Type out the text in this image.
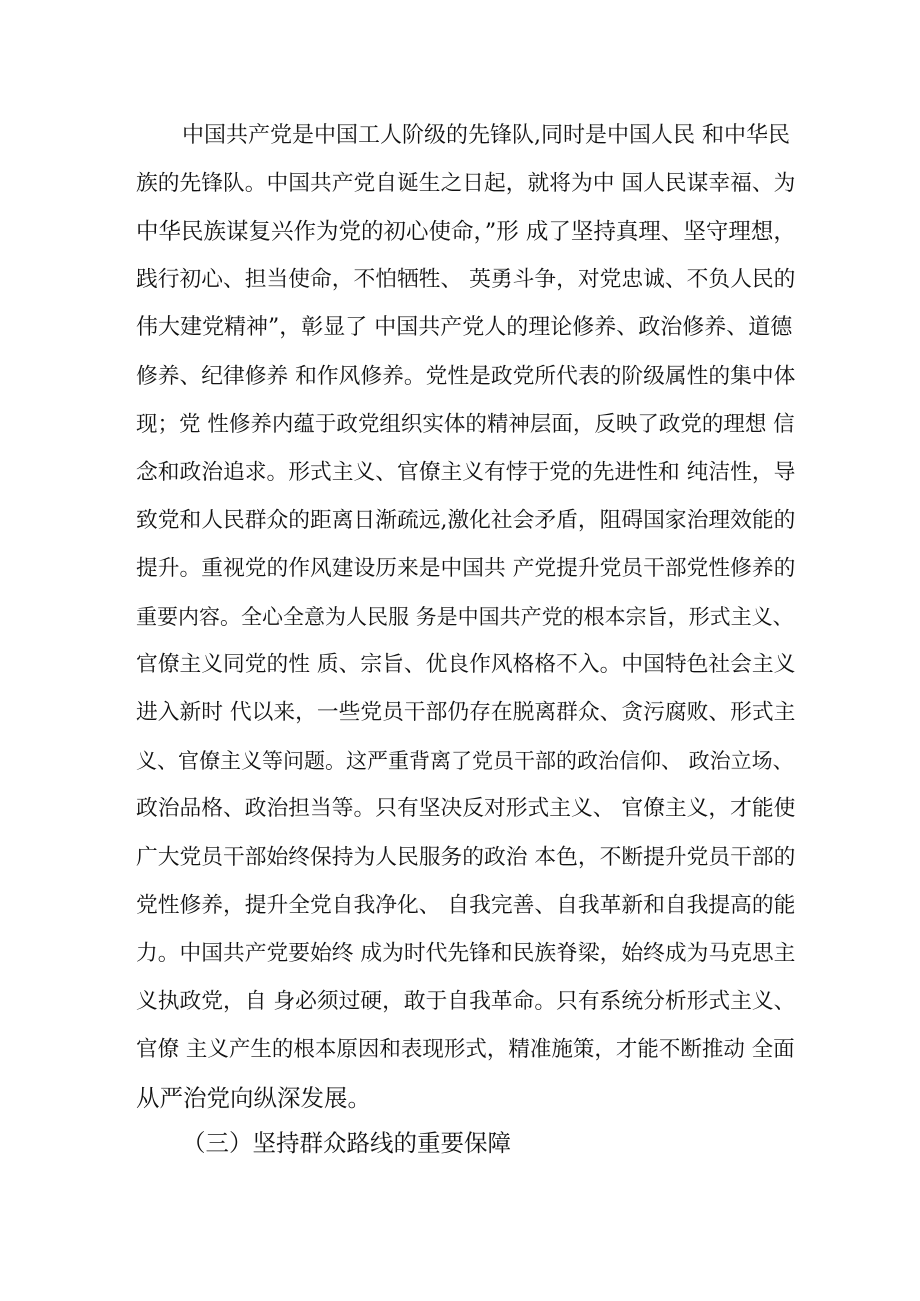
中国共产党是中国工人阶级的先锋队,同时是中国人民 和中华民
族的先锋队。中国共产党自诞生之日起，就将为中 国人民谋幸福、为
中华民族谋复兴作为党的初心使命，”形 成了坚持真理、坚守理想，
践行初心、担当使命，不怕牺牲、 英勇斗争，对党忠诚、不负人民的
伟大建党精神”，彰显了 中国共产党人的理论修养、政治修养、道德
修养、纪律修养 和作风修养。党性是政党所代表的阶级属性的集中体
现；党 性修养内蕴于政党组织实体的精神层面，反映了政党的理想 信
念和政治追求。形式主义、官僚主义有悖于党的先进性和 纯洁性，导
致党和人民群众的距离日渐疏远,激化社会矛盾，阻碍国家治理效能的
提升。重视党的作风建设历来是中国共 产党提升党员干部党性修养的
重要内容。全心全意为人民服 务是中国共产党的根本宗旨，形式主义、
官僚主义同党的性 质、宗旨、优良作风格格不入。中国特色社会主义
进入新时 代以来，一些党员干部仍存在脱离群众、贪污腐败、形式主
义、官僚主义等问题。这严重背离了党员干部的政治信仰、 政治立场、
政治品格、政治担当等。只有坚决反对形式主义、 官僚主义，才能使
广大党员干部始终保持为人民服务的政治 本色，不断提升党员干部的
党性修养，提升全党自我净化、 自我完善、自我革新和自我提高的能
力。中国共产党要始终 成为时代先锋和民族脊梁，始终成为马克思主
义执政党，自 身必须过硬，敢于自我革命。只有系统分析形式主义、
官僚 主义产生的根本原因和表现形式，精准施策，才能不断推动 全面
从严治党向纵深发展。
（三）坚持群众路线的重要保障
